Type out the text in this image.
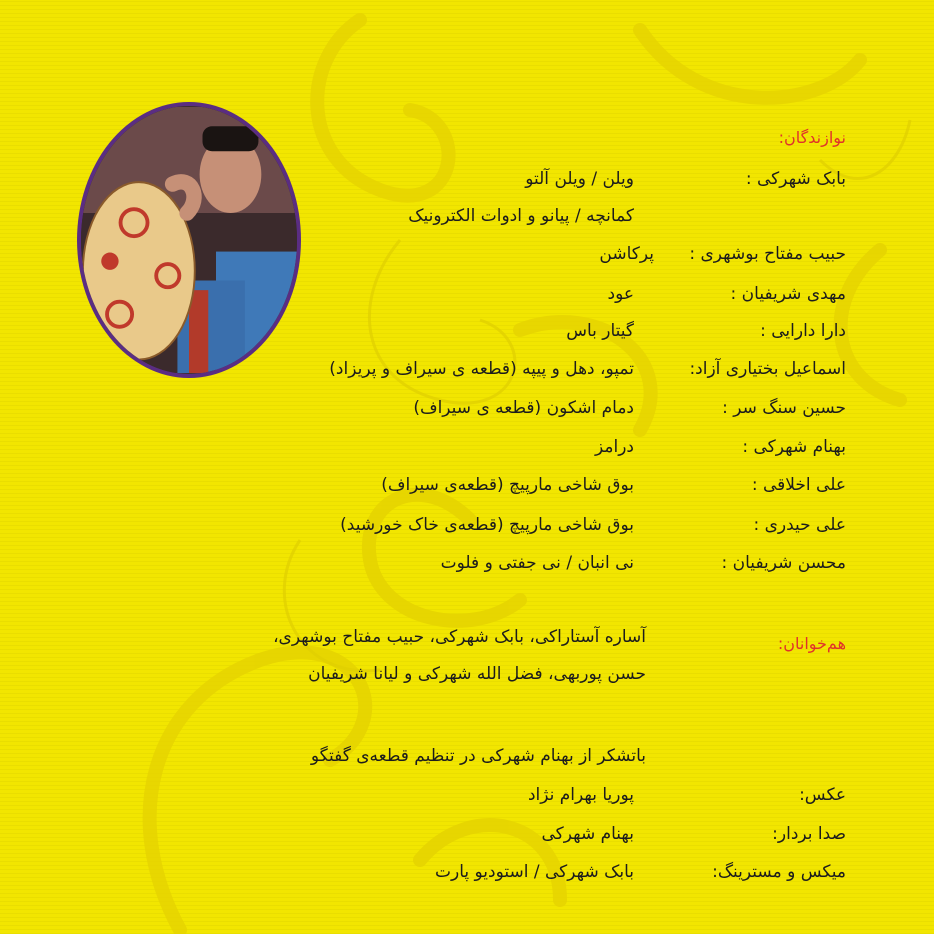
نوازندگان:
بابک شهرکی :
ویلن / ویلن آلتو
کمانچه / پیانو و ادوات الکترونیک
حبیب مفتاح بوشهری :
پرکاشن
مهدی شریفیان :
عود
دارا دارایی :
گیتار باس
اسماعیل بختیاری آزاد:
تمپو، دهل و پیپه (قطعه ی سیراف و پریزاد)
حسین سنگ سر :
دمام اشکون (قطعه ی سیراف)
بهنام شهرکی :
درامز
علی اخلاقی :
بوق شاخی مارپیچ (قطعه‌ی سیراف)
علی حیدری :
بوق شاخی مارپیچ (قطعه‌ی خاک خورشید)
محسن شریفیان :
نی انبان / نی جفتی و فلوت
هم‌خوانان:
آساره آستاراکی، بابک شهرکی، حبیب مفتاح بوشهری،
حسن پوربهی، فضل الله شهرکی و لیانا شریفیان
باتشکر از بهنام شهرکی در تنظیم قطعه‌ی گفتگو
عکس:
پوریا بهرام نژاد
صدا بردار:
بهنام شهرکی
میکس و مسترینگ:
بابک شهرکی / استودیو پارت
